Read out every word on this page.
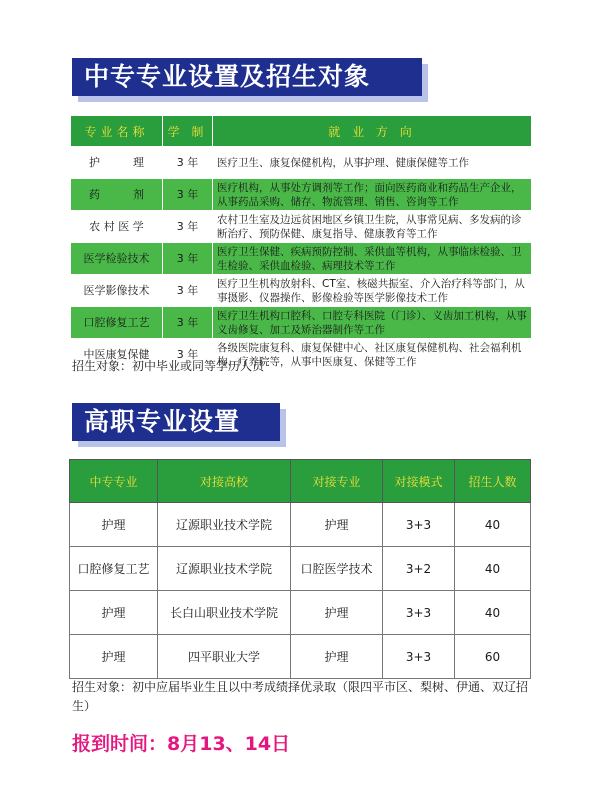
中专专业设置及招生对象
专业名称	学 制	就 业 方 向
护　　　理	3 年	医疗卫生、康复保健机构，从事护理、健康保健等工作
药　　　剂	3 年	医疗机构，从事处方调剂等工作；面向医药商业和药品生产企业，从事药品采购、储存、物流管理、销售、咨询等工作
农 村 医 学	3 年	农村卫生室及边远贫困地区乡镇卫生院，从事常见病、多发病的诊断治疗、预防保健、康复指导、健康教育等工作
医学检验技术	3 年	医疗卫生保健、疾病预防控制、采供血等机构，从事临床检验、卫生检验、采供血检验、病理技术等工作
医学影像技术	3 年	医疗卫生机构放射科、CT室、核磁共振室、介入治疗科等部门，从事摄影、仪器操作、影像检验等医学影像技术工作
口腔修复工艺	3 年	医疗卫生机构口腔科、口腔专科医院（门诊）、义齿加工机构，从事义齿修复、加工及矫治器制作等工作
中医康复保健	3 年	各级医院康复科、康复保健中心、社区康复保健机构、社会福利机构、疗养院等，从事中医康复、保健等工作
招生对象：初中毕业或同等学历人员
高职专业设置
中专专业	对接高校	对接专业	对接模式	招生人数
护理	辽源职业技术学院	护理	3+3	40
口腔修复工艺	辽源职业技术学院	口腔医学技术	3+2	40
护理	长白山职业技术学院	护理	3+3	40
护理	四平职业大学	护理	3+3	60
招生对象：初中应届毕业生且以中考成绩择优录取（限四平市区、梨树、伊通、双辽招生）
报到时间：8月13、14日
